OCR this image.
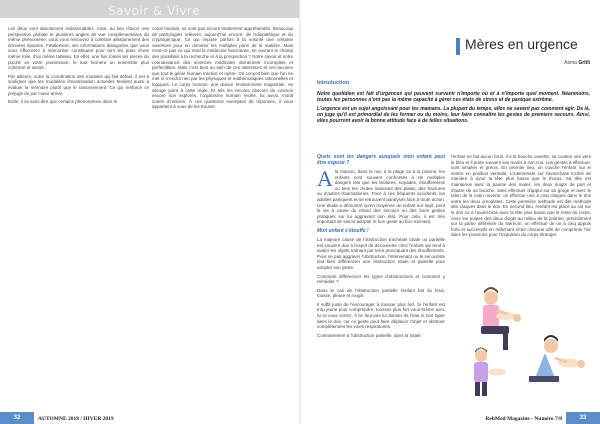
Savoir & Vivre

Les deux sont absolument indissociables. Ainsi, au lieu d'avoir une perspective globale et plusieurs angles de vue complémentaires du même phénomène, vous vous retrouvez à collecter aléatoirement des données éparses. Fatalement, ses informations dialoguées que vous vous efforcerez à mémoriser constituent pour tant les pans d'une même toile, d'un même tableau. En effet, une fois toutes les pièces du puzzle en votre possession, le tout formera un ensemble plus cohérent et sensé.

Par ailleurs, outre la coordination des modules qui fait défaut, il est à souligner que les modalités d'examination actuelles tendent aussi à évaluer la mémoire plutôt que le raisonnement. Ce qui renforce ce préjugé du par coeur arrive.

Enfin, il va sans dire que certains phénomènes dans le

corps humain, ne sont pas encore totalement appréhendés. Beaucoup de pathologies relèvent, aujourd'hui encore, de l'idiopathique et du cryptogénique. Ce qui impose parfois à la volonté une certaine ouverture pour en dominer les multiples pans de la matière. Mais n'est-ce pas ce qui rend la médecine fascinante, en ouvrant le champ des possibles à la recherche et à la prospection ? Notre savoir et notre connaissance des sciences médicales demeurent incomplets et perfectibles. Mais c'est bien au sein de ces interstices et ces lacunes que tout le génie humain s'active et opère. On conçoit bien que l'on ne met ni n'exclut rien par les physiques et mathématiques rationnelles et logiques. Le corps humain, une œuvre éminemment magistrale, ne déroge point à cette règle. Et tels les recoins obscurs du cosmos encore non explorés, l'organisme humain recèle, lui aussi, moult zones d'ombres. À ces questions exemptes de réponses, il vous appartient à vous de les trouver.

32	AUTOMNE 2018 / HIVER 2019
Mères en urgence
Asma Gritli
Introduction

Notre quotidien est fait d'urgences qui peuvent survenir n'importe où et à n'importe quel moment. Néanmoins, toutes les personnes n'ont pas la même capacité à gérer ces états de stress et de panique extrême.

L'urgence est un sujet angoissant pour les mamans. La plupart du temps, elles ne savent pas comment agir. De là, on juge qu'il est primordial de les former ou du moins, leur faire connaître les gestes de premiers secours. Ainsi, elles pourront avoir la bonne attitude face à de telles situations.

Quels sont les dangers auxquels mon enfant peut être exposé ?

Ala maison, dans la rue, à la plage ou à la piscine, les enfants sont souvent confrontés à de multiples dangers tels que les brûlures, noyades, étouffements ou bien les chutes induisant des plaies, des fractures ou d'autres traumatismes. Face à ces fréquents accidents, les adultes paniquent et se retrouvent paralysés face à toute action. Une étude a démontré qu'en moyenne un enfant sur sept, perd la vie à cause du retard des secours ou des bons gestes pratiqués sur lui aggravant son état. Pour cela, il est très important de savoir adopter le bon geste au bon moment.

Mon enfant s'étouffe !

La majeure cause de l'obstruction trachéale totale ou partielle est souvent due à l'esprit de découverte chez l'enfant qui tend à avaler les objets traînant par terre provoquant des étouffements. Pour ne pas aggraver l'obstruction, l'intervenant ou le secouriste doit bien différencier une obstruction totale et partielle pour adopter son geste.

Comment différencier les types d'obstructions et comment y remédier ?

Dans le cas de l'obstruction partielle l'enfant fait du bruit, tousse, pleure et rougit.

Il suffit juste de l'encourager à tousser plus fort. Si l'enfant est trop jeune pour comprendre, toussez plus fort vous-même avec lui et vous verrez. Il ne faut pas lui donner de l'eau ni tout taper dans le dos, car ce geste peut faire déplacer l'objet et obstruer complètement les voies respiratoires.

Contrairement à l'obstruction partielle, dans la totale,

l'enfant ne fait aucun bruit. Il a la bouche ouverte, sa couleur vire vers le bleu et il porte souvent ses mains à son cou. Les gestes à effectuer, sont simples et précis. En premier lieu, on couche l'enfant sur le ventre en position ventrale. L'intervenant sur l'avant-bras incliné de manière à avoir la tête plus basse que le thorax. Sa tête est maintenue avec la paume des mains, les deux doigts de part et d'autre de sa bouche, sans effectuer d'appui sur sa gorge et avec le talon de la main ouverte, on effectue une à cinq claques dans le dos entre les deux omoplates. Cette première méthode est dite méthode des claques dans le dos. En second lieu, l'enfant est placé au sol sur le dos ou à l'avant-bras avec la tête plus basse que le reste du corps. Avec les pulpes des deux doigts au milieu de la poitrine, précisément sur la partie inférieure du sternum, on effectue de un à cinq appuis forts et successifs en relâchant entre chacune afin de comprimer l'air dans les poumons pour l'expulsion du corps étranger.

RebMed Magazine - Numéro 7/8	33
